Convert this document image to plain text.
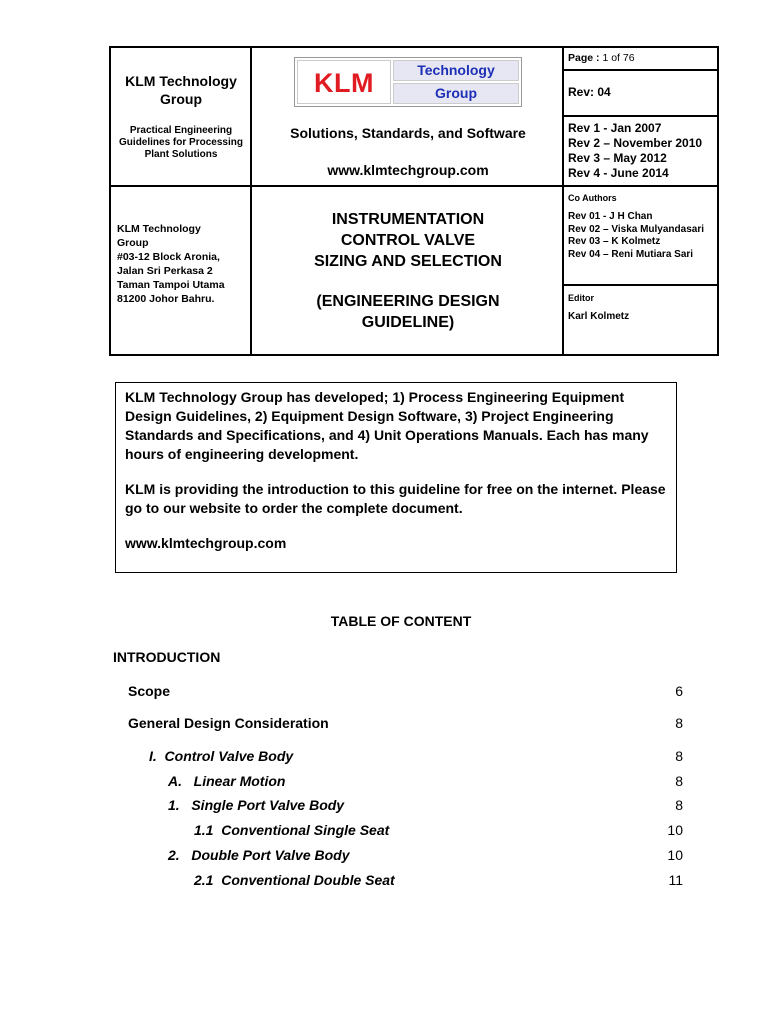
KLM Technology Group
Practical Engineering Guidelines for Processing Plant Solutions
KLM	Technology
Group
Solutions, Standards, and Software
www.klmtechgroup.com
Page : 1 of 76
Rev: 04
Rev 1 - Jan 2007
Rev 2 – November 2010
Rev 3 – May 2012
Rev 4 - June 2014
KLM Technology
Group
#03-12 Block Aronia,
Jalan Sri Perkasa 2
Taman Tampoi Utama
81200 Johor Bahru.
INSTRUMENTATION
CONTROL VALVE
SIZING AND SELECTION
(ENGINEERING DESIGN
GUIDELINE)
Co Authors
Rev 01 - J H Chan
Rev 02 – Viska Mulyandasari
Rev 03 – K Kolmetz
Rev 04 – Reni Mutiara Sari
Editor
Karl Kolmetz

KLM Technology Group has developed; 1) Process Engineering Equipment Design Guidelines, 2) Equipment Design Software, 3) Project Engineering Standards and Specifications, and 4) Unit Operations Manuals. Each has many hours of engineering development.

KLM is providing the introduction to this guideline for free on the internet. Please go to our website to order the complete document.

www.klmtechgroup.com

TABLE OF CONTENT
INTRODUCTION
Scope	6
General Design Consideration	8
I.  Control Valve Body	8
A.   Linear Motion	8
1.   Single Port Valve Body	8
1.1  Conventional Single Seat	10
2.   Double Port Valve Body	10
2.1  Conventional Double Seat	11
